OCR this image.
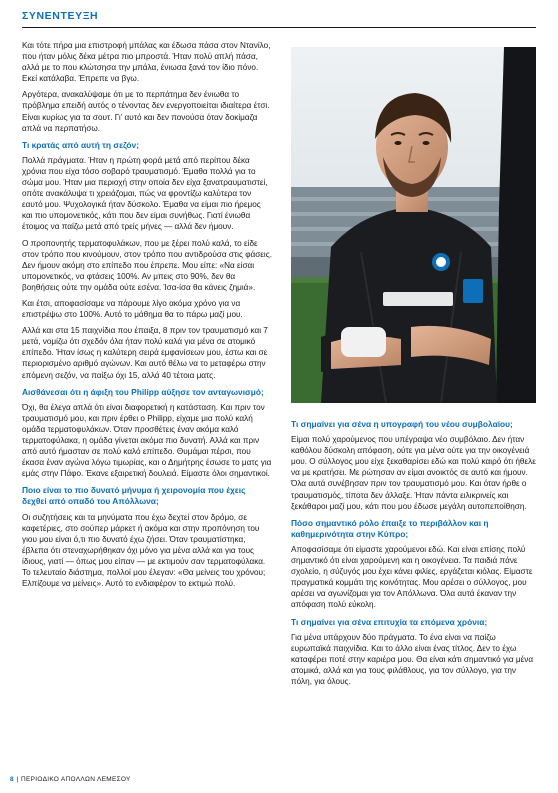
ΣΥΝΕΝΤΕΥΞΗ

Και τότε πήρα μια επιστροφή μπάλας και έδωσα πάσα στον Ντανίλο, που ήταν μόλις δέκα μέτρα πιο μπροστά. Ήταν πολύ απλή πάσα, αλλά με το που κλώτσησα την μπάλα, ένιωσα ξανά τον ίδιο πόνο. Εκεί κατάλαβα. Έπρεπε να βγω.

Αργότερα, ανακαλύψαμε ότι με το περπάτημα δεν ένιωθα το πρόβλημα επειδή αυτός ο τένοντας δεν ενεργοποιείται ιδιαίτερα έτσι. Είναι κυρίως για τα σουτ. Γι’ αυτό και δεν πονούσα όταν δοκίμαζα απλά να περπατήσω.

Τι κρατάς από αυτή τη σεζόν;

Πολλά πράγματα. Ήταν η πρώτη φορά μετά από περίπου δέκα χρόνια που είχα τόσο σοβαρό τραυματισμό. Έμαθα πολλά για το σώμα μου. Ήταν μια περιοχή στην οποία δεν είχα ξανατραυματιστεί, οπότε ανακάλυψα τι χρειάζομαι, πώς να φροντίζω καλύτερα τον εαυτό μου. Ψυχολογικά ήταν δύσκολο. Έμαθα να είμαι πιο ήρεμος και πιο υπομονετικός, κάτι που δεν είμαι συνήθως. Γιατί ένιωθα έτοιμος να παίζω μετά από τρείς μήνες — αλλά δεν ήμουν.

Ο προπονητής τερματοφυλάκων, που με ξέρει πολύ καλά, το είδε στον τρόπο που κινούμουν, στον τρόπο που αντιδρούσα στις φάσεις. Δεν ήμουν ακόμη στο επίπεδο που έπρεπε. Μου είπε: «Να είσαι υπομονετικός, να φτάσεις 100%. Αν μπεις στο 90%, δεν θα βοηθήσεις ούτε την ομάδα ούτε εσένα. Ίσα-ίσα θα κάνεις ζημιά».

Και έτσι, αποφασίσαμε να πάρουμε λίγο ακόμα χρόνο για να επιστρέψω στο 100%. Αυτό το μάθημα θα το πάρω μαζί μου.

Αλλά και στα 15 παιχνίδια που έπαιξα, 8 πριν τον τραυματισμό και 7 μετά, νομίζω ότι σχεδόν όλα ήταν πολύ καλά για μένα σε ατομικό επίπεδο. Ήταν ίσως η καλύτερη σειρά εμφανίσεων μου, έστω και σε περιορισμένο αριθμό αγώνων. Και αυτό θέλω να το μεταφέρω στην επόμενη σεζόν, να παίξω όχι 15, αλλά 40 τέτοια ματς.

Αισθάνεσαι ότι η άφιξη του Philipp αύξησε τον ανταγωνισμό;

Όχι, θα έλεγα απλά ότι είναι διαφορετική η κατάσταση. Και πριν τον τραυματισμό μου, και πριν έρθει ο Philipp, είχαμε μια πολύ καλή ομάδα τερματοφυλάκων. Όταν προσθέτεις έναν ακόμα καλό τερματοφύλακα, η ομάδα γίνεται ακόμα πιο δυνατή. Αλλά και πριν από αυτό ήμασταν σε πολύ καλό επίπεδο. Θυμάμαι πέρσι, που έκασα έναν αγώνα λόγω τιμωρίας, και ο Δημήτρης έσωσε το ματς για εμάς στην Πάφο. Έκανε εξαιρετική δουλειά. Είμαστε όλοι σημαντικοί.

Ποιο είναι το πιο δυνατό μήνυμα ή χειρονομία που έχεις δεχθεί από οπαδό του Απόλλωνα;

Οι συζητήσεις και τα μηνύματα που έχω δεχτεί στον δρόμο, σε καφετέριες, στο σούπερ μάρκετ ή ακόμα και στην προπόνηση του γιου μου είναι ό,τι πιο δυνατό έχω ζήσει. Όταν τραυματίστηκα, έβλεπα ότι στεναχωρήθηκαν όχι μόνο για μένα αλλά και για τους ίδιους, γιατί — όπως μου είπαν — με εκτιμούν σαν τερματοφύλακα. Το τελευταίο διάστημα, πολλοί μου έλεγαν: «Θα μείνεις του χρόνου; Ελπίζουμε να μείνεις». Αυτό το ενδιαφέρον το εκτιμώ πολύ.

Τι σημαίνει για σένα η υπογραφή του νέου συμβολαίου;

Είμαι πολύ χαρούμενος που υπέγραψα νέο συμβόλαιο. Δεν ήταν καθόλου δύσκολη απόφαση, ούτε για μένα ούτε για την οικογένειά μου. Ο σύλλογος μου είχε ξεκαθαρίσει εδώ και πολύ καιρό ότι ήθελε να με κρατήσει. Με ρώτησαν αν είμαι ανοικτός σε αυτό και ήμουν. Όλα αυτά συνέβησαν πριν τον τραυματισμό μου. Και όταν ήρθε ο τραυματισμός, τίποτα δεν άλλαξε. Ήταν πάντα ειλικρινείς και ξεκάθαροι μαζί μου, κάτι που μου έδωσε μεγάλη αυτοπεποίθηση.

Πόσο σημαντικό ρόλο έπαιξε το περιβάλλον και η καθημερινότητα στην Κύπρο;

Αποφασίσαμε ότι είμαστε χαρούμενοι εδώ. Και είναι επίσης πολύ σημαντικό ότι είναι χαρούμενη και η οικογένεια. Τα παιδιά πάνε σχολείο, η σύζυγός μου έχει κάνει φιλίες, εργάζεται κιόλας. Είμαστε πραγματικά κομμάτι της κοινότητας. Μου αρέσει ο σύλλογος, μου αρέσει να αγωνίζομαι για τον Απόλλωνα. Όλα αυτά έκαναν την απόφαση πολύ εύκολη.

Τι σημαίνει για σένα επιτυχία τα επόμενα χρόνια;

Για μένα υπάρχουν δύο πράγματα. Το ένα είναι να παίζω ευρωπαϊκά παιχνίδια. Και το άλλο είναι ένας τίτλος. Δεν το έχω καταφέρει ποτέ στην καριέρα μου. Θα είναι κάτι σημαντικό για μένα ατομικά, αλλά και για τους φιλάθλους, για τον σύλλογο, για την πόλη, για όλους.

8 | ΠΕΡΙΟΔΙΚΟ ΑΠΟΛΛΩΝ ΛΕΜΕΣΟΥ
